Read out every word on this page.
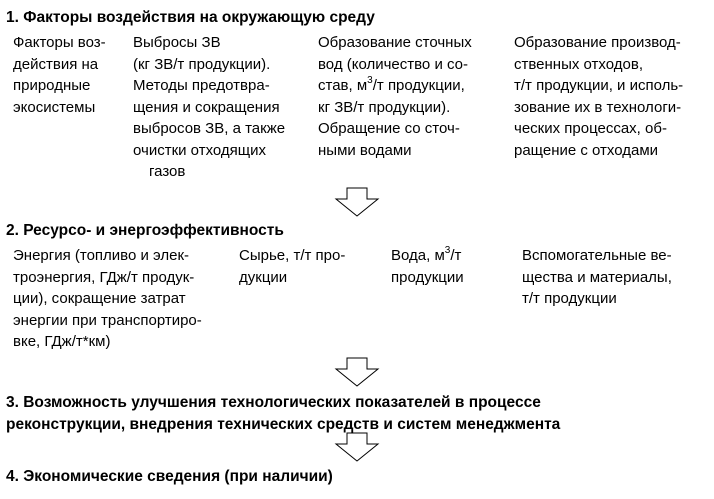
1. Факторы воздействия на окружающую среду
Факторы воз-
действия на
природные
экосистемы
Выбросы ЗВ
(кг ЗВ/т продукции).
Методы предотвра-
щения и сокращения
выбросов ЗВ, а также
очистки отходящих
газов
Образование сточных
вод (количество и со-
став, $м^3/т$ продукции,
кг ЗВ/т продукции).
Обращение со сточ-
ными водами
Образование производ-
ственных отходов,
т/т продукции, и исполь-
зование их в технологи-
ческих процессах, об-
ращение с отходами
2. Ресурсо- и энергоэффективность
Энергия (топливо и элек-
троэнергия, ГДж/т продук-
ции), сокращение затрат
энергии при транспортиро-
вке, ГДж/т*км)
Сырье, т/т про-
дукции
Вода, $м^3/т$
продукции
Вспомогательные ве-
щества и материалы,
т/т продукции
3. Возможность улучшения технологических показателей в процессе
реконструкции, внедрения технических средств и систем менеджмента
4. Экономические сведения (при наличии)
